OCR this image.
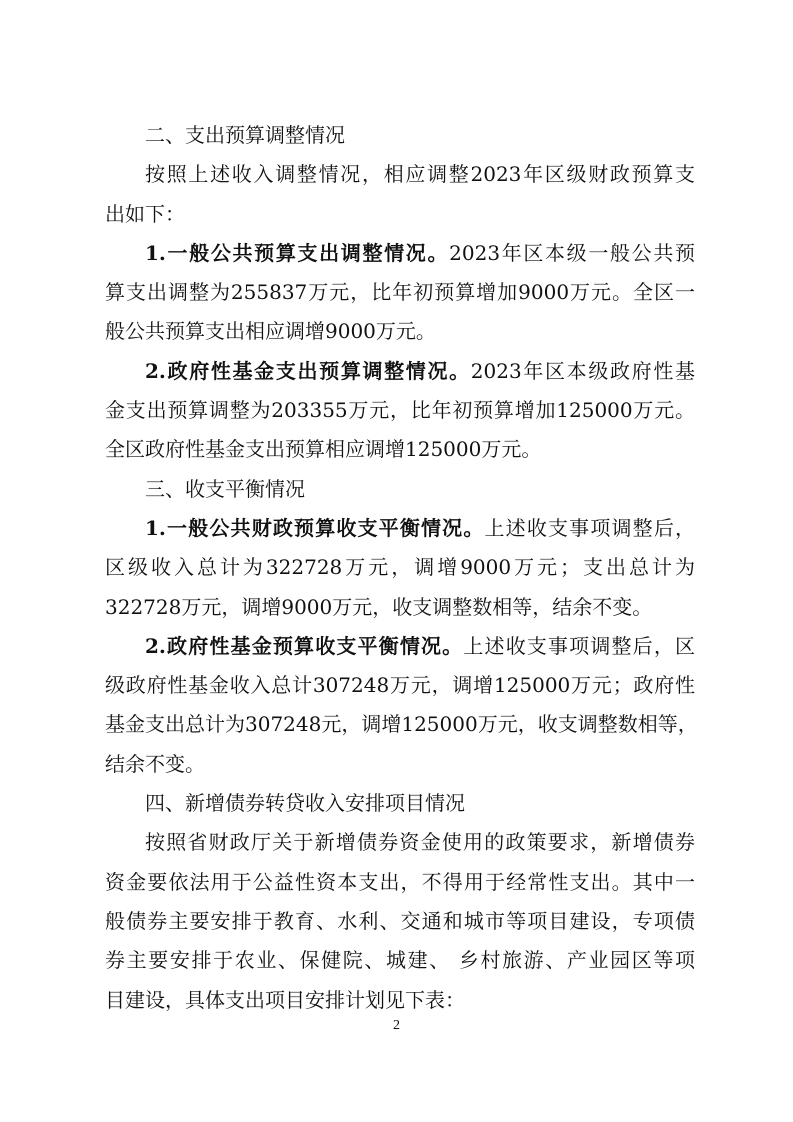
二、支出预算调整情况
按照上述收入调整情况，相应调整2023年区级财政预算支
出如下：
1.一般公共预算支出调整情况。2023年区本级一般公共预
算支出调整为255837万元，比年初预算增加9000万元。全区一
般公共预算支出相应调增9000万元。
2.政府性基金支出预算调整情况。2023年区本级政府性基
金支出预算调整为203355万元，比年初预算增加125000万元。
全区政府性基金支出预算相应调增125000万元。
三、收支平衡情况
1.一般公共财政预算收支平衡情况。上述收支事项调整后，
区级收入总计为322728万元，调增9000万元；支出总计为
322728万元，调增9000万元，收支调整数相等，结余不变。
2.政府性基金预算收支平衡情况。上述收支事项调整后，区
级政府性基金收入总计307248万元，调增125000万元；政府性
基金支出总计为307248元，调增125000万元，收支调整数相等，
结余不变。
四、新增债券转贷收入安排项目情况
按照省财政厅关于新增债券资金使用的政策要求，新增债券
资金要依法用于公益性资本支出，不得用于经常性支出。其中一
般债券主要安排于教育、水利、交通和城市等项目建设，专项债
券主要安排于农业、保健院、城建、 乡村旅游、产业园区等项
目建设，具体支出项目安排计划见下表：
2
